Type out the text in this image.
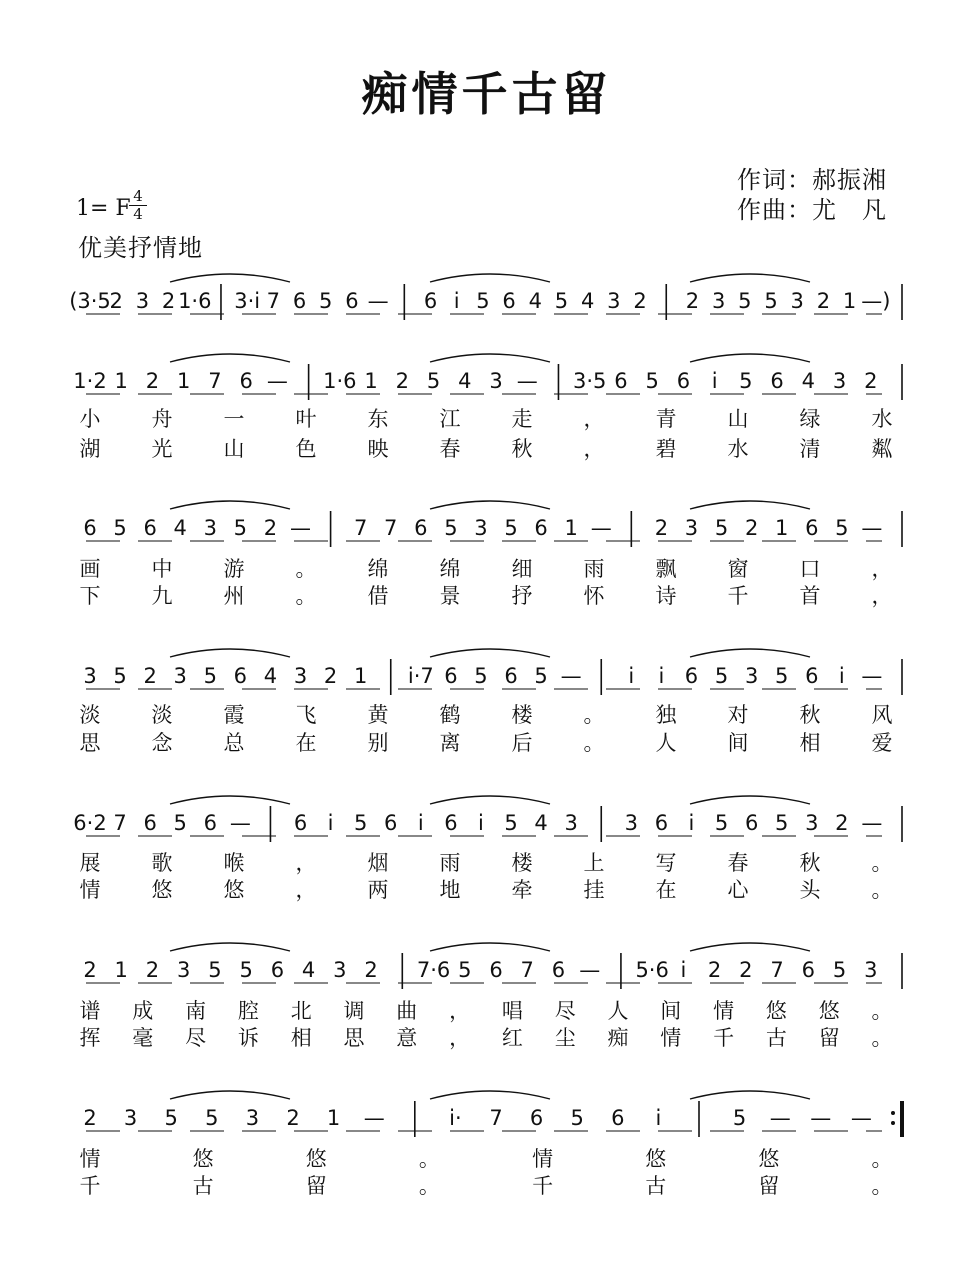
痴情千古留
作词：郝振湘
作曲：尤　凡
1= F 4
4
优美抒情地
(3·5
2 3 2 1·6 3·i 7 6 5 6 — 6 i 5 6 4 5 4 3 2 2 3 5 5 3 2 1 —)
1·2 1 2 1 7 6 — 1·6 1 2 5 4 3 — 3·5 6 5 6 i 5 6 4 3 2
小 舟 一 叶 东 江 走 ， 青 山 绿 水
湖 光 山 色 映 春 秋 ， 碧 水 清 粼
6 5 6 4 3 5 2 — 7 7 6 5 3 5 6 1 — 2 3 5 2 1 6 5 —
画 中 游 。 绵 绵 细 雨 飘 窗 口 ，
下 九 州 。 借 景 抒 怀 诗 千 首 ，
3 5 2 3 5 6 4 3 2 1 i·7 6 5 6 5 — i i 6 5 3 5 6 i —
淡 淡 霞 飞 黄 鹤 楼 。 独 对 秋 风
思 念 总 在 别 离 后 。 人 间 相 爱
6·2 7 6 5 6 — 6 i 5 6 i 6 i 5 4 3 3 6 i 5 6 5 3 2 —
展 歌 喉 ， 烟 雨 楼 上 写 春 秋 。
情 悠 悠 ， 两 地 牵 挂 在 心 头 。
2 1 2 3 5 5 6 4 3 2 7·6 5 6 7 6 — 5·6 i 2 2 7 6 5 3
谱 成 南 腔 北 调 曲 ， 唱 尽 人 间 情 悠 悠 。
挥 毫 尽 诉 相 思 意 ， 红 尘 痴 情 千 古 留 。
2 3 5 5 3 2 1 —	i· 7 6 5 6 i	5 — — —
情	悠	悠	。	情	悠	悠	。
千	古	留	。	千	古	留	。
